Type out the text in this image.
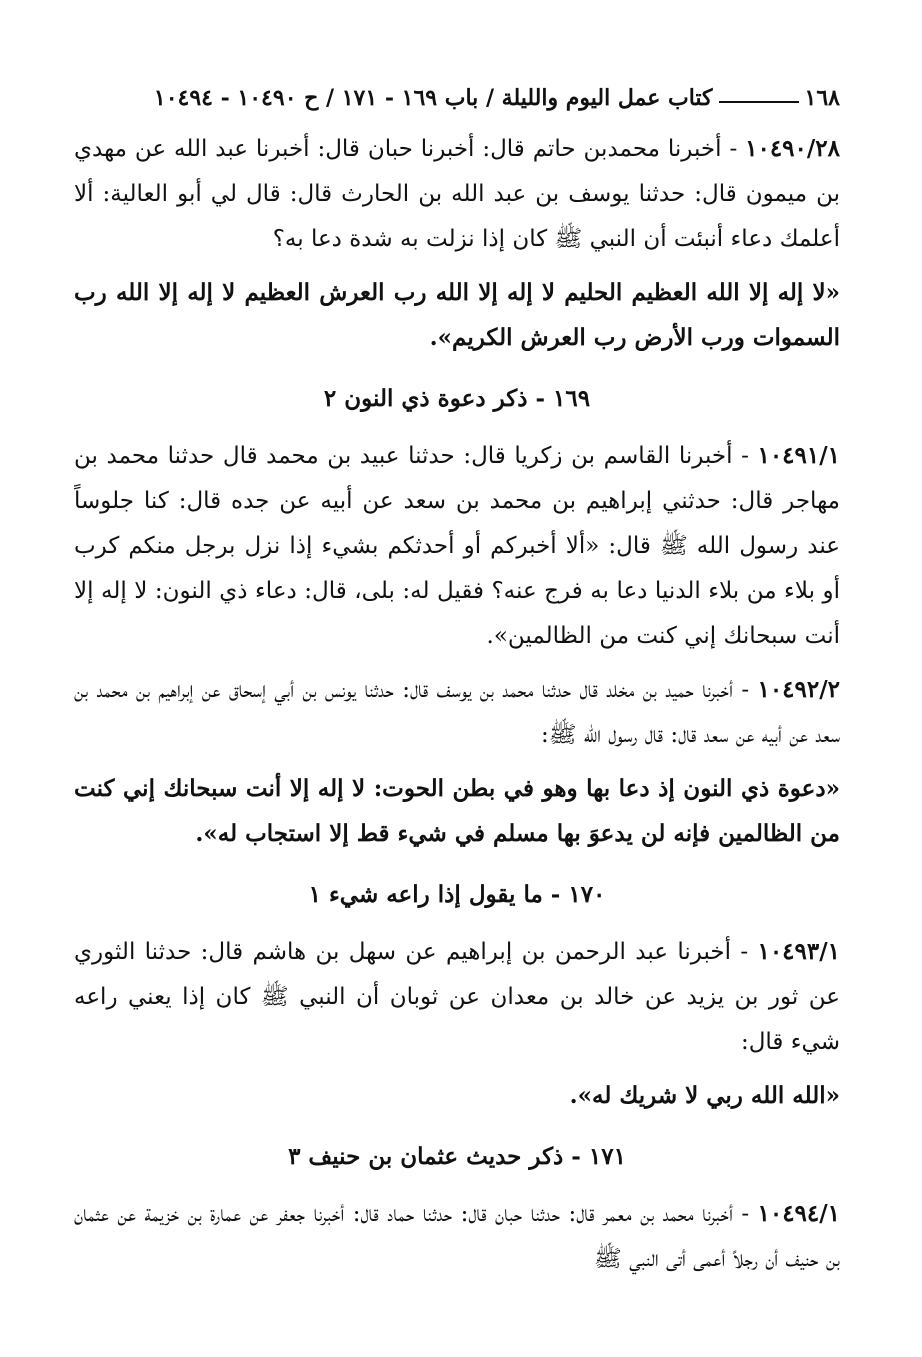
١٦٨
كتاب عمل اليوم والليلة / باب ١٦٩ - ١٧١ / ح ١٠٤٩٠ - ١٠٤٩٤

١٠٤٩٠/٢٨ - أخبرنا محمدبن حاتم قال: أخبرنا حبان قال: أخبرنا عبد الله عن مهدي بن ميمون قال: حدثنا يوسف بن عبد الله بن الحارث قال: قال لي أبو العالية: ألا أعلمك دعاء أنبئت أن النبي ﷺ كان إذا نزلت به شدة دعا به؟

«لا إله إلا الله العظيم الحليم لا إله إلا الله رب العرش العظيم لا إله إلا الله رب السموات ورب الأرض رب العرش الكريم».

١٦٩ - ذكر دعوة ذي النون ٢

١٠٤٩١/١ - أخبرنا القاسم بن زكريا قال: حدثنا عبيد بن محمد قال حدثنا محمد بن مهاجر قال: حدثني إبراهيم بن محمد بن سعد عن أبيه عن جده قال: كنا جلوساً عند رسول الله ﷺ قال: «ألا أخبركم أو أحدثكم بشيء إذا نزل برجل منكم كرب أو بلاء من بلاء الدنيا دعا به فرج عنه؟ فقيل له: بلى، قال: دعاء ذي النون: لا إله إلا أنت سبحانك إني كنت من الظالمين».

١٠٤٩٢/٢ - أخبرنا حميد بن مخلد قال حدثنا محمد بن يوسف قال: حدثنا يونس بن أبي إسحاق عن إبراهيم بن محمد بن سعد عن أبيه عن سعد قال: قال رسول الله ﷺ:

«دعوة ذي النون إذ دعا بها وهو في بطن الحوت: لا إله إلا أنت سبحانك إني كنت من الظالمين فإنه لن يدعوَ بها مسلم في شيء قط إلا استجاب له».

١٧٠ - ما يقول إذا راعه شيء ١

١٠٤٩٣/١ - أخبرنا عبد الرحمن بن إبراهيم عن سهل بن هاشم قال: حدثنا الثوري عن ثور بن يزيد عن خالد بن معدان عن ثوبان أن النبي ﷺ كان إذا يعني راعه شيء قال:

«الله الله ربي لا شريك له».

١٧١ - ذكر حديث عثمان بن حنيف ٣

١٠٤٩٤/١ - أخبرنا محمد بن معمر قال: حدثنا حبان قال: حدثنا حماد قال: أخبرنا جعفر عن عمارة بن خزيمة عن عثمان بن حنيف أن رجلاً أعمى أتى النبي ﷺ
